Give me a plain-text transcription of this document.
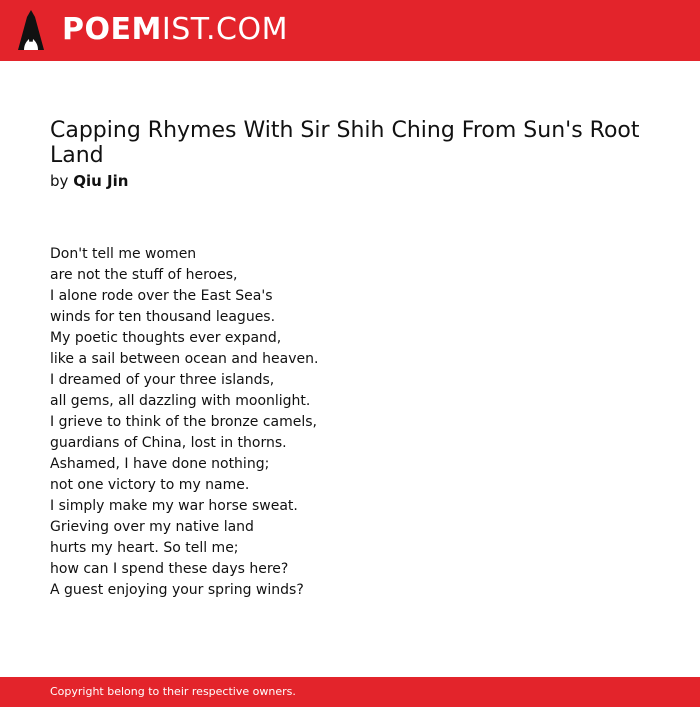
POEMIST.COM
Capping Rhymes With Sir Shih Ching From Sun's Root Land
by Qiu Jin
Don't tell me women
are not the stuff of heroes,
I alone rode over the East Sea's
winds for ten thousand leagues.
My poetic thoughts ever expand,
like a sail between ocean and heaven.
I dreamed of your three islands,
all gems, all dazzling with moonlight.
I grieve to think of the bronze camels,
guardians of China, lost in thorns.
Ashamed, I have done nothing;
not one victory to my name.
I simply make my war horse sweat.
Grieving over my native land
hurts my heart. So tell me;
how can I spend these days here?
A guest enjoying your spring winds?
Copyright belong to their respective owners.
